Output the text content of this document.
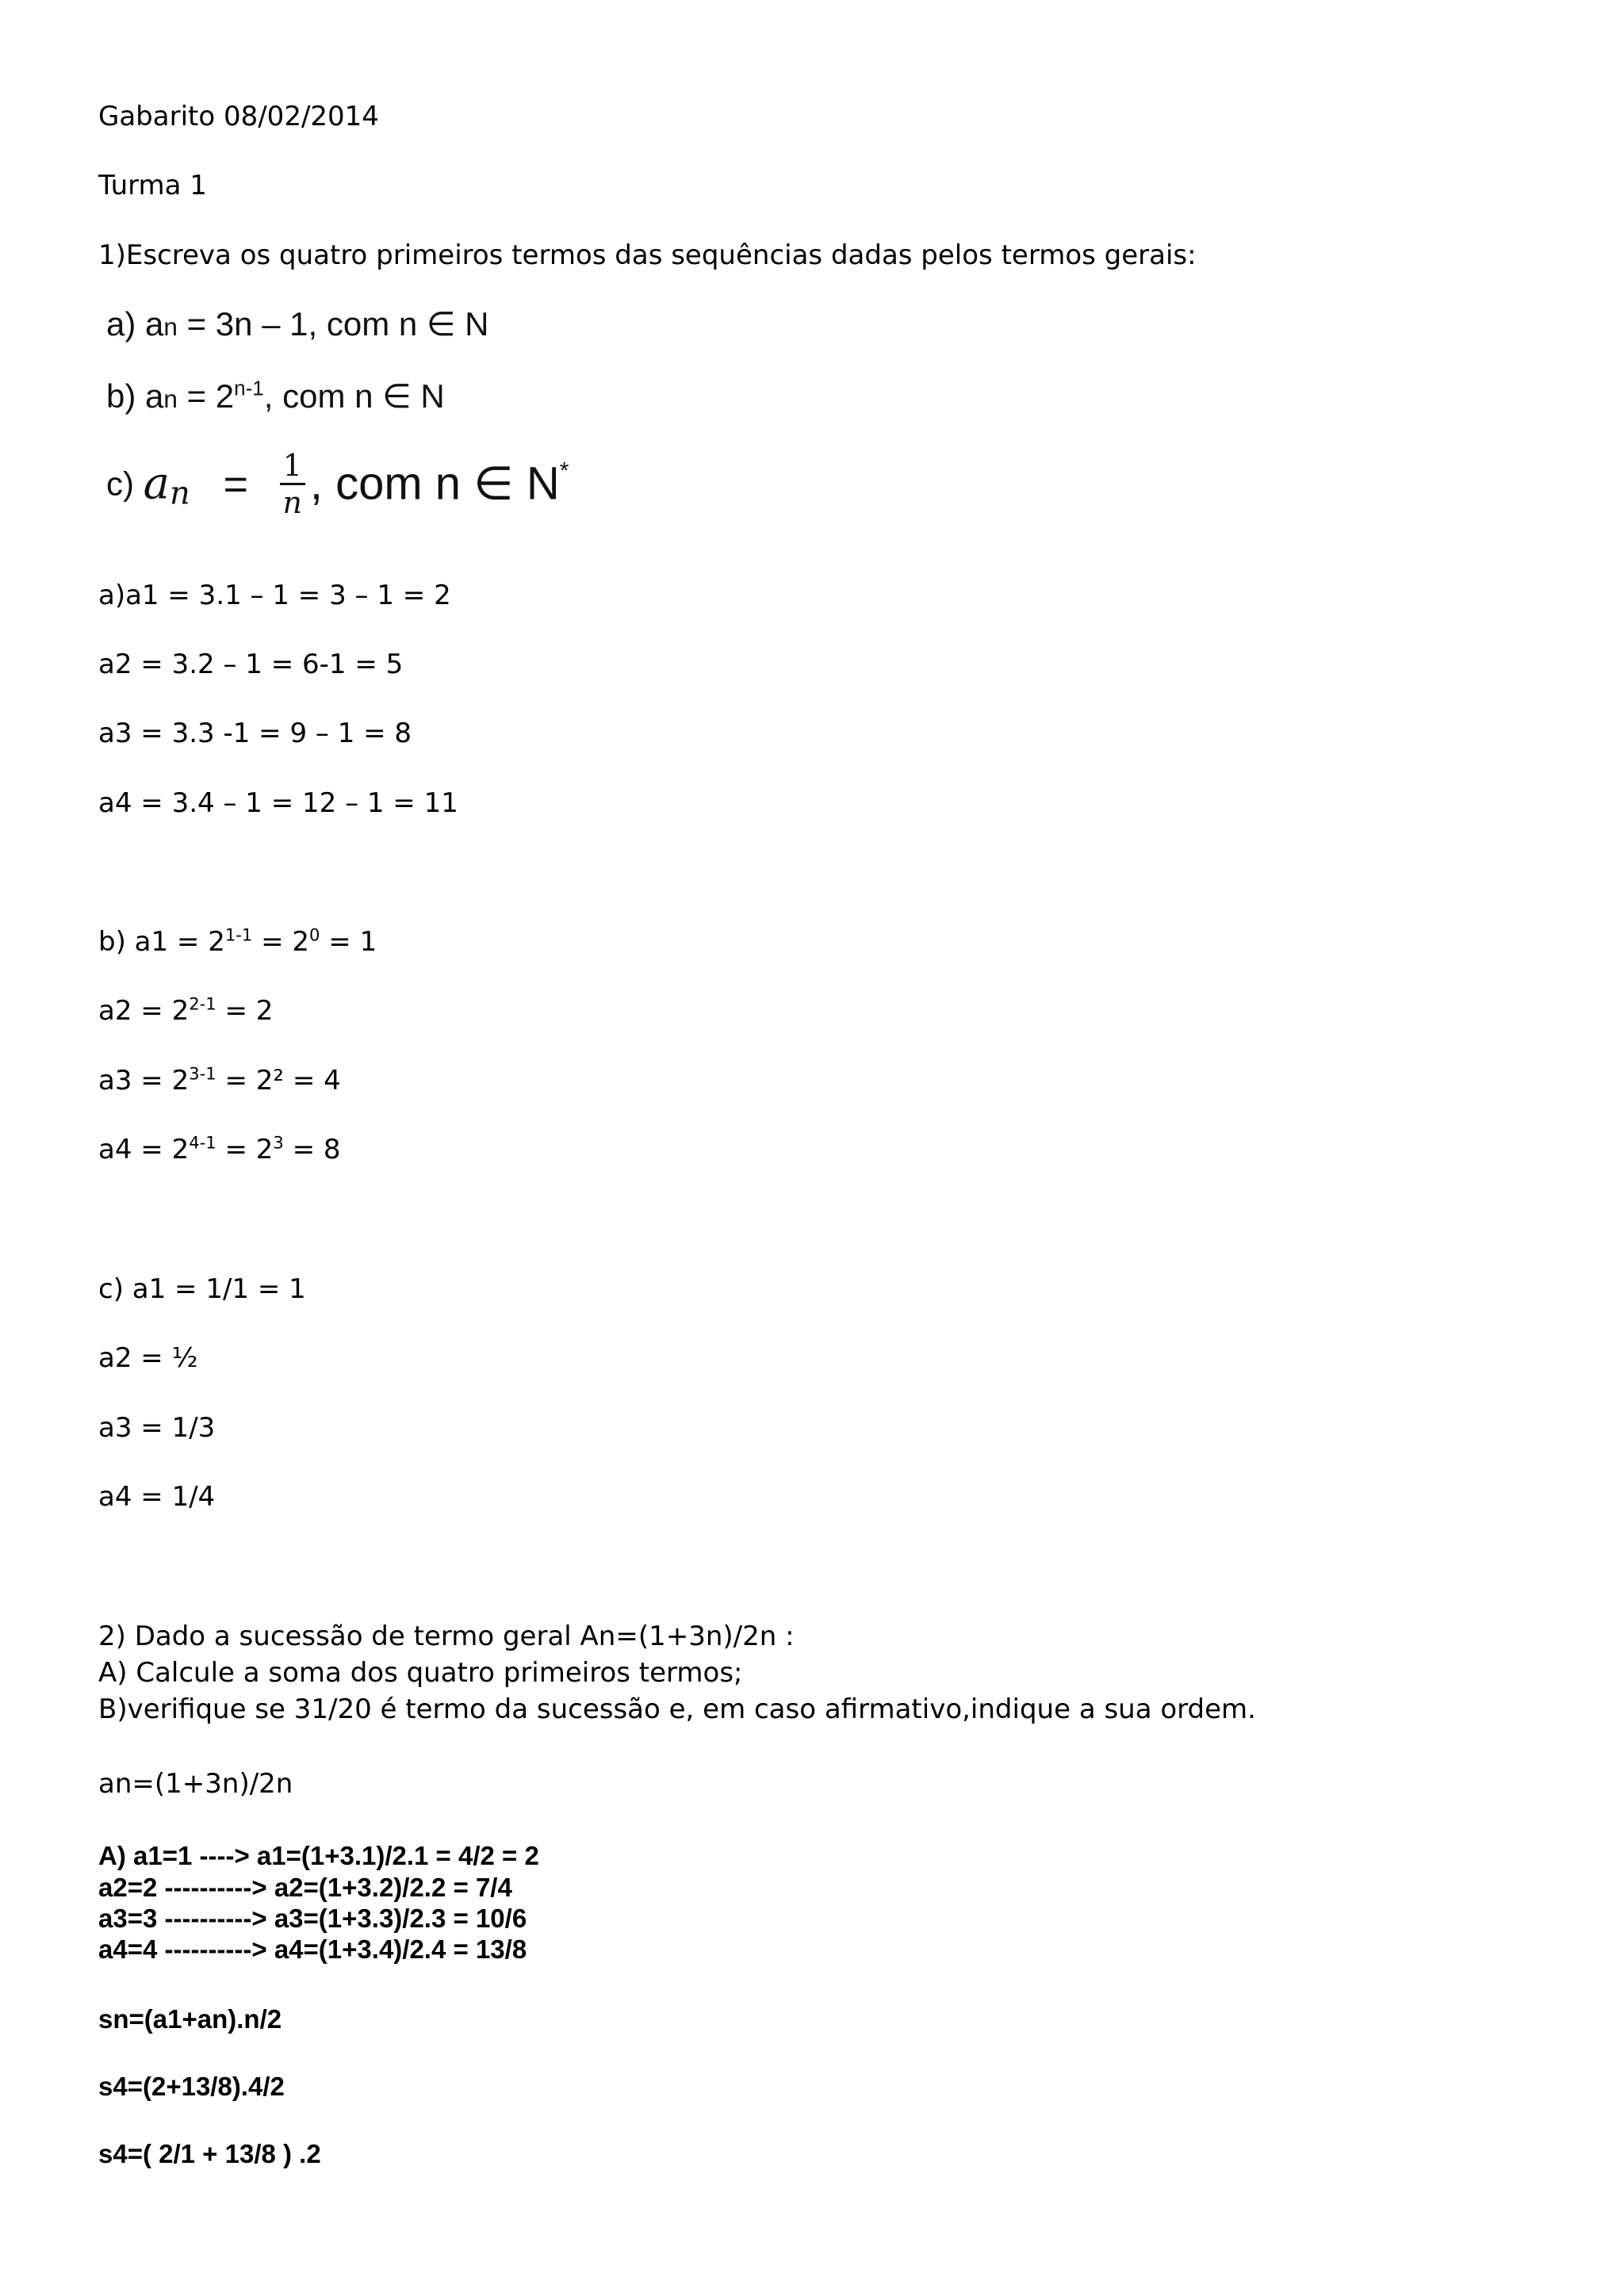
Gabarito 08/02/2014
Turma 1
1)Escreva os quatro primeiros termos das sequências dadas pelos termos gerais:
a) an = 3n – 1, com n ∈ N
b) an = $2^{n-1}$, com n ∈ N
c) an = $\frac{1}{n}$ , com n ∈ N*
a)a1 = 3.1 – 1 = 3 – 1 = 2
a2 = 3.2 – 1 = 6-1 = 5
a3 = 3.3 -1 = 9 – 1 = 8
a4 = 3.4 – 1 = 12 – 1 = 11
b) $a1 = 2^{1-1} = 2^0 = 1$
$a2 = 2^{2-1} = 2$
$a3 = 2^{3-1} = 2^2 = 4$
$a4 = 2^{4-1} = 2^3 = 8$
c) a1 = 1/1 = 1
a2 = ½
a3 = 1/3
a4 = 1/4
2) Dado a sucessão de termo geral An=(1+3n)/2n :
A) Calcule a soma dos quatro primeiros termos;
B)verifique se 31/20 é termo da sucessão e, em caso afirmativo,indique a sua ordem.
an=(1+3n)/2n
A) a1=1 ----> a1=(1+3.1)/2.1 = 4/2 = 2
a2=2 ----------> a2=(1+3.2)/2.2 = 7/4
a3=3 ----------> a3=(1+3.3)/2.3 = 10/6
a4=4 ----------> a4=(1+3.4)/2.4 = 13/8
sn=(a1+an).n/2
s4=(2+13/8).4/2
s4=( 2/1 + 13/8 ) .2
